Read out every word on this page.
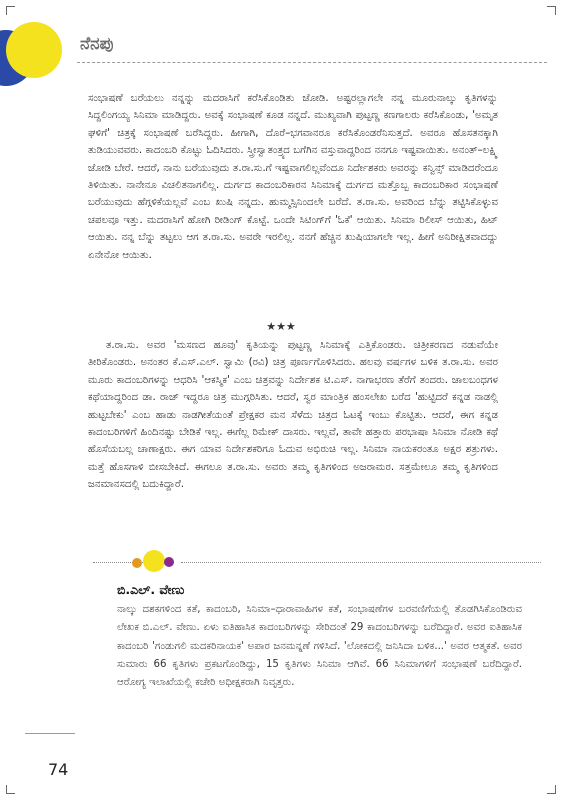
ನೆನಪು

ಸಂಭಾಷಣೆ ಬರೆಯಲು ನನ್ನನ್ನು ಮದರಾಸಿಗೆ ಕರೆಸಿಕೊಂಡಿತು ಜೋಡಿ. ಅಷ್ಟರಲ್ಲಾಗಲೇ ನನ್ನ ಮೂರುನಾಲ್ಕು ಕೃತಿಗಳನ್ನು ಸಿದ್ದಲಿಂಗಯ್ಯ ಸಿನಿಮಾ ಮಾಡಿದ್ದರು. ಅವಕ್ಕೆ ಸಂಭಾಷಣೆ ಕೂಡ ನನ್ನದೆ. ಮುಖ್ಯವಾಗಿ ಪುಟ್ಟಣ್ಣ ಕಣಗಾಲರು ಕರೆಸಿಕೊಂಡು, 'ಅಮೃತ ಘಳಿಗೆ' ಚಿತ್ರಕ್ಕೆ ಸಂಭಾಷಣೆ ಬರೆಸಿದ್ದರು. ಹೀಗಾಗಿ, ದೊರೆ–ಭಗವಾನರೂ ಕರೆಸಿಕೊಂಡರೆನಿಸುತ್ತದೆ. ಅವರೂ ಹೊಸತನಕ್ಕಾಗಿ ತುಡಿಯುವವರು. ಕಾದಂಬರಿ ಕೊಟ್ಟು ಓದಿಸಿದರು. ಸ್ತ್ರೀಸ್ವಾತಂತ್ರ್ಯದ ಬಗೆಗಿನ ವಸ್ತುವಾದ್ದರಿಂದ ನನಗೂ ಇಷ್ಟವಾಯಿತು. ಅನಂತ್–ಲಕ್ಷ್ಮಿ ಜೋಡಿ ಬೇರೆ. ಆದರೆ, ನಾನು ಬರೆಯುವುದು ತ.ರಾ.ಸು.ಗೆ ಇಷ್ಟವಾಗಲಿಲ್ಲವೆಂದೂ ನಿರ್ದೇಶಕರು ಅವರನ್ನು ಕನ್ವಿನ್ಸ್ ಮಾಡಿದರೆಂದೂ ತಿಳಿಯಿತು. ನಾನೇನೂ ವಿಚಲಿತನಾಗಲಿಲ್ಲ. ದುರ್ಗದ ಕಾದಂಬರಿಕಾರನ ಸಿನಿಮಾಕ್ಕೆ ದುರ್ಗದ ಮತ್ತೊಬ್ಬ ಕಾದಂಬರಿಕಾರ ಸಂಭಾಷಣೆ ಬರೆಯುವುದು ಹೆಗ್ಗಳಿಕೆಯಲ್ಲವೆ ಎಂಬ ಖುಷಿ ನನ್ನದು. ಹುಮ್ಮಸ್ಸಿನಿಂದಲೇ ಬರೆದೆ. ತ.ರಾ.ಸು. ಅವರಿಂದ ಬೆನ್ನು ತಟ್ಟಿಸಿಕೊಳ್ಳುವ ಚಪಲವೂ ಇತ್ತು. ಮದರಾಸಿಗೆ ಹೋಗಿ ರೀಡಿಂಗ್ ಕೊಟ್ಟೆ. ಒಂದೇ ಸಿಟಿಂಗ್‌ಗೆ 'ಓಕೆ' ಆಯಿತು. ಸಿನಿಮಾ ರಿಲೀಸ್ ಆಯಿತು, ಹಿಟ್ ಆಯಿತು. ನನ್ನ ಬೆನ್ನು ತಟ್ಟಲು ಆಗ ತ.ರಾ.ಸು. ಅವರೇ ಇರಲಿಲ್ಲ. ನನಗೆ ಹೆಚ್ಚಿನ ಖುಷಿಯಾಗಲೇ ಇಲ್ಲ. ಹೀಗೆ ಅನಿರೀಕ್ಷಿತವಾದದ್ದು ಏನೇನೋ ಆಯಿತು.

★★★

ತ.ರಾ.ಸು. ಅವರ 'ಮಸಣದ ಹೂವು' ಕೃತಿಯನ್ನು ಪುಟ್ಟಣ್ಣ ಸಿನಿಮಾಕ್ಕೆ ಎತ್ತಿಕೊಂಡರು. ಚಿತ್ರೀಕರಣದ ನಡುವೆಯೇ ತೀರಿಕೊಂಡರು. ಅನಂತರ ಕೆ.ಎಸ್.ಎಲ್. ಸ್ವಾಮಿ (ರವಿ) ಚಿತ್ರ ಪೂರ್ಣಗೊಳಿಸಿದರು. ಹಲವು ವರ್ಷಗಳ ಬಳಿಕ ತ.ರಾ.ಸು. ಅವರ ಮೂರು ಕಾದಂಬರಿಗಳನ್ನು ಆಧರಿಸಿ 'ಆಕಸ್ಮಿಕ' ಎಂಬ ಚಿತ್ರವನ್ನು ನಿರ್ದೇಶಕ ಟಿ.ಎಸ್. ನಾಗಾಭರಣ ತೆರೆಗೆ ತಂದರು. ಜಾಲಬಂಧಗಳ ಕಥೆಯಾದ್ದರಿಂದ ಡಾ. ರಾಜ್ ಇದ್ದರೂ ಚಿತ್ರ ಮುಗ್ಗರಿಸಿತು. ಆದರೆ, ಸ್ವರ ಮಾಂತ್ರಿಕ ಹಂಸಲೇಖ ಬರೆದ 'ಹುಟ್ಟಿದರೆ ಕನ್ನಡ ನಾಡಲ್ಲಿ ಹುಟ್ಟಬೇಕು' ಎಂಬ ಹಾಡು ನಾಡಗೀತೆಯಂತೆ ಪ್ರೇಕ್ಷಕರ ಮನ ಸೆಳೆದು ಚಿತ್ರದ ಓಟಕ್ಕೆ ಇಂಬು ಕೊಟ್ಟಿತು. ಆದರೆ, ಈಗ ಕನ್ನಡ ಕಾದಂಬರಿಗಳಿಗೆ ಹಿಂದಿನಷ್ಟು ಬೇಡಿಕೆ ಇಲ್ಲ. ಈಗೆಲ್ಲ ರಿಮೇಕ್ ದಾಸರು. ಇಲ್ಲವೆ, ತಾವೇ ಹತ್ತಾರು ಪರಭಾಷಾ ಸಿನಿಮಾ ನೋಡಿ ಕಥೆ ಹೊಸೆಯಬಲ್ಲ ಚಾಣಾಕ್ಷರು. ಈಗ ಯಾವ ನಿರ್ದೇಶಕರಿಗೂ ಓದುವ ಅಭಿರುಚಿ ಇಲ್ಲ. ಸಿನಿಮಾ ನಾಯಕರಂತೂ ಅಕ್ಷರ ಶತ್ರುಗಳು. ಮತ್ತೆ ಹೊಸಗಾಳಿ ಬೀಸಬೇಕಿದೆ. ಈಗಲೂ ತ.ರಾ.ಸು. ಅವರು ತಮ್ಮ ಕೃತಿಗಳಿಂದ ಅಜರಾಮರ. ಸತ್ತಮೇಲೂ ತಮ್ಮ ಕೃತಿಗಳಿಂದ ಜನಮಾನಸದಲ್ಲಿ ಬದುಕಿದ್ದಾರೆ.

ಬಿ.ಎಲ್. ವೇಣು

ನಾಲ್ಕು ದಶಕಗಳಿಂದ ಕತೆ, ಕಾದಂಬರಿ, ಸಿನಿಮಾ–ಧಾರಾವಾಹಿಗಳ ಕತೆ, ಸಂಭಾಷಣೆಗಳ ಬರವಣಿಗೆಯಲ್ಲಿ ತೊಡಗಿಸಿಕೊಂಡಿರುವ ಲೇಖಕ ಬಿ.ಎಲ್. ವೇಣು. ಏಳು ಐತಿಹಾಸಿಕ ಕಾದಂಬರಿಗಳನ್ನು ಸೇರಿದಂತೆ 29 ಕಾದಂಬರಿಗಳನ್ನು ಬರೆದಿದ್ದಾರೆ. ಅವರ ಐತಿಹಾಸಿಕ ಕಾದಂಬರಿ 'ಗಂಡುಗಲಿ ಮದಕರಿನಾಯಕ' ಅಪಾರ ಜನಮನ್ನಣೆ ಗಳಿಸಿದೆ. 'ಲೋಕದಲ್ಲಿ ಜನಿಸಿದಾ ಬಳಿಕ...' ಅವರ ಆತ್ಮಕತೆ. ಅವರ ಸುಮಾರು 66 ಕೃತಿಗಳು ಪ್ರಕಟಗೊಂಡಿದ್ದು, 15 ಕೃತಿಗಳು ಸಿನಿಮಾ ಆಗಿವೆ. 66 ಸಿನಿಮಾಗಳಿಗೆ ಸಂಭಾಷಣೆ ಬರೆದಿದ್ದಾರೆ. ಆರೋಗ್ಯ ಇಲಾಖೆಯಲ್ಲಿ ಕಚೇರಿ ಅಧೀಕ್ಷಕರಾಗಿ ನಿವೃತ್ತರು.

74
